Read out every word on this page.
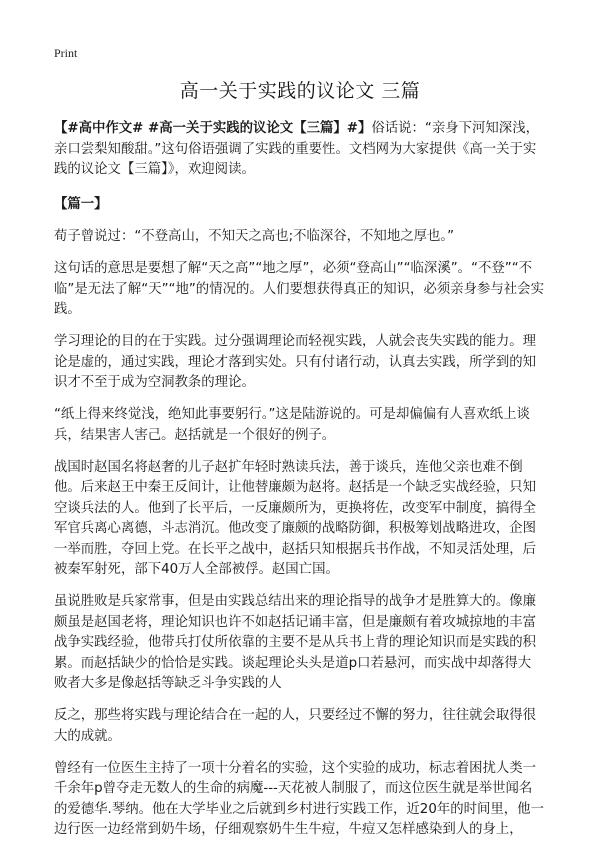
Print
高一关于实践的议论文 三篇

【#高中作文# #高一关于实践的议论文【三篇】#】俗话说：“亲身下河知深浅，亲口尝梨知酸甜。”这句俗语强调了实践的重要性。文档网为大家提供《高一关于实践的议论文【三篇】》，欢迎阅读。

【篇一】

荀子曾说过：“不登高山，不知天之高也;不临深谷，不知地之厚也。”

这句话的意思是要想了解“天之高”“地之厚”，必须“登高山”“临深溪”。“不登”“不临”是无法了解“天”“地”的情况的。人们要想获得真正的知识，必须亲身参与社会实践。

学习理论的目的在于实践。过分强调理论而轻视实践，人就会丧失实践的能力。理论是虚的，通过实践，理论才落到实处。只有付诸行动，认真去实践，所学到的知识才不至于成为空洞教条的理论。

“纸上得来终觉浅，绝知此事要躬行。”这是陆游说的。可是却偏偏有人喜欢纸上谈兵，结果害人害己。赵括就是一个很好的例子。

战国时赵国名将赵奢的儿子赵扩年轻时熟读兵法，善于谈兵，连他父亲也难不倒他。后来赵王中秦王反间计，让他替廉颇为赵将。赵括是一个缺乏实战经验，只知空谈兵法的人。他到了长平后，一反廉颇所为，更换将佐，改变军中制度，搞得全军官兵离心离德，斗志消沉。他改变了廉颇的战略防御，积极筹划战略进攻，企图一举而胜，夺回上党。在长平之战中，赵括只知根据兵书作战，不知灵活处理，后被秦军射死，部下40万人全部被俘。赵国亡国。

虽说胜败是兵家常事，但是由实践总结出来的理论指导的战争才是胜算大的。像廉颇虽是赵国老将，理论知识也许不如赵括记诵丰富，但是廉颇有着攻城掠地的丰富战争实践经验，他带兵打仗所依靠的主要不是从兵书上背的理论知识而是实践的积累。而赵括缺少的恰恰是实践。谈起理论头头是道p口若悬河，而实战中却落得大败者大多是像赵括等缺乏斗争实践的人

反之，那些将实践与理论结合在一起的人，只要经过不懈的努力，往往就会取得很大的成就。

曾经有一位医生主持了一项十分着名的实验，这个实验的成功，标志着困扰人类一千余年p曾夺走无数人的生命的病魔---天花被人制服了，而这位医生就是举世闻名的爱德华.琴纳。他在大学毕业之后就到乡村进行实践工作，近20年的时间里，他一边行医一边经常到奶牛场，仔细观察奶牛生牛痘，牛痘又怎样感染到人的身上，
